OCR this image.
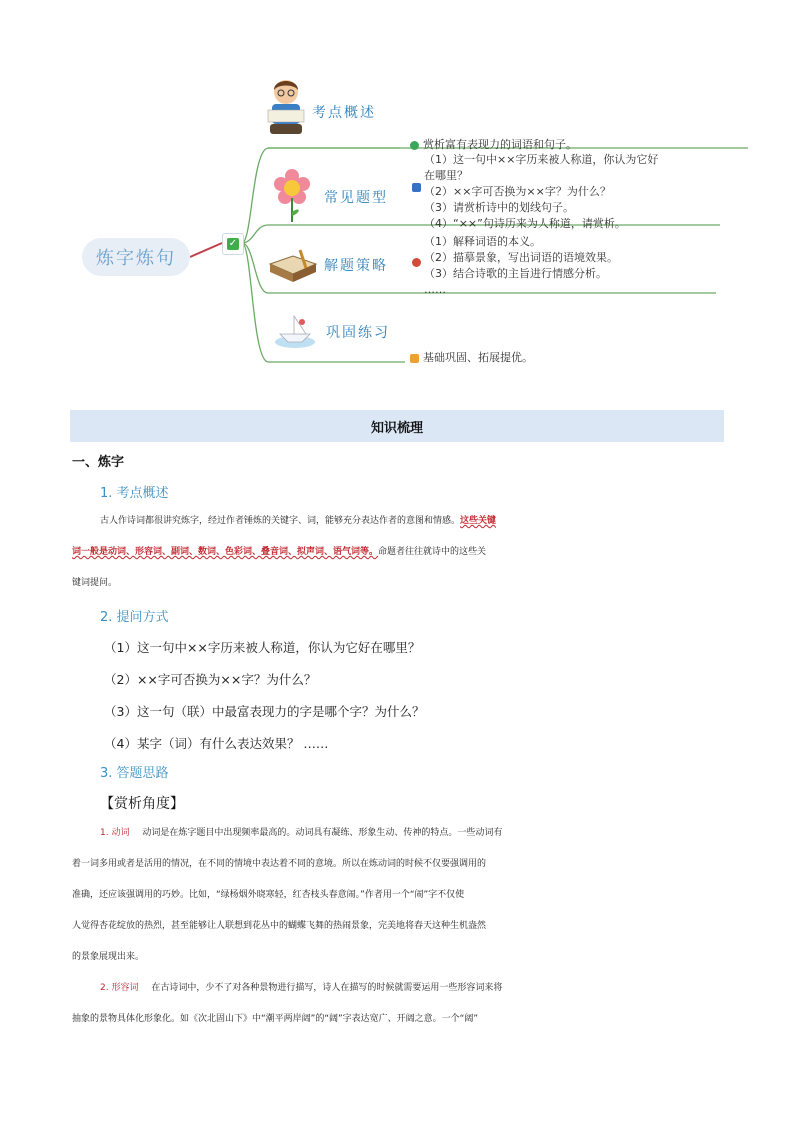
炼字炼句
✓
考点概述
赏析富有表现力的词语和句子。
常见题型
（1）这一句中××字历来被人称道，你认为它好
在哪里？
（2）××字可否换为××字？为什么？
（3）请赏析诗中的划线句子。
（4）“××”句诗历来为人称道，请赏析。
解题策略
（1）解释词语的本义。
（2）描摹景象，写出词语的语境效果。
（3）结合诗歌的主旨进行情感分析。
……
巩固练习
基础巩固、拓展提优。
知识梳理
一、炼字
1. 考点概述
古人作诗词都很讲究炼字，经过作者锤炼的关键字、词，能够充分表达作者的意图和情感。这些关键
词一般是动词、形容词、副词、数词、色彩词、叠音词、拟声词、语气词等。命题者往往就诗中的这些关
键词提问。
2. 提问方式
（1）这一句中××字历来被人称道，你认为它好在哪里？
（2）××字可否换为××字？为什么？
（3）这一句（联）中最富表现力的字是哪个字？为什么？
（4）某字（词）有什么表达效果？ ……
3. 答题思路
【赏析角度】
1. 动词 动词是在炼字题目中出现频率最高的。动词具有凝练、形象生动、传神的特点。一些动词有
着一词多用或者是活用的情况，在不同的情境中表达着不同的意境。所以在炼动词的时候不仅要强调用的
准确，还应该强调用的巧妙。比如，“绿杨烟外晓寒轻，红杏枝头春意闹。”作者用一个“闹”字不仅使
人觉得杏花绽放的热烈，甚至能够让人联想到花丛中的蝴蝶飞舞的热闹景象，完美地将春天这种生机盎然
的景象展现出来。
2. 形容词 在古诗词中，少不了对各种景物进行描写，诗人在描写的时候就需要运用一些形容词来将
抽象的景物具体化形象化。如《次北固山下》中“潮平两岸阔”的“阔”字表达宽广、开阔之意。一个“阔”
